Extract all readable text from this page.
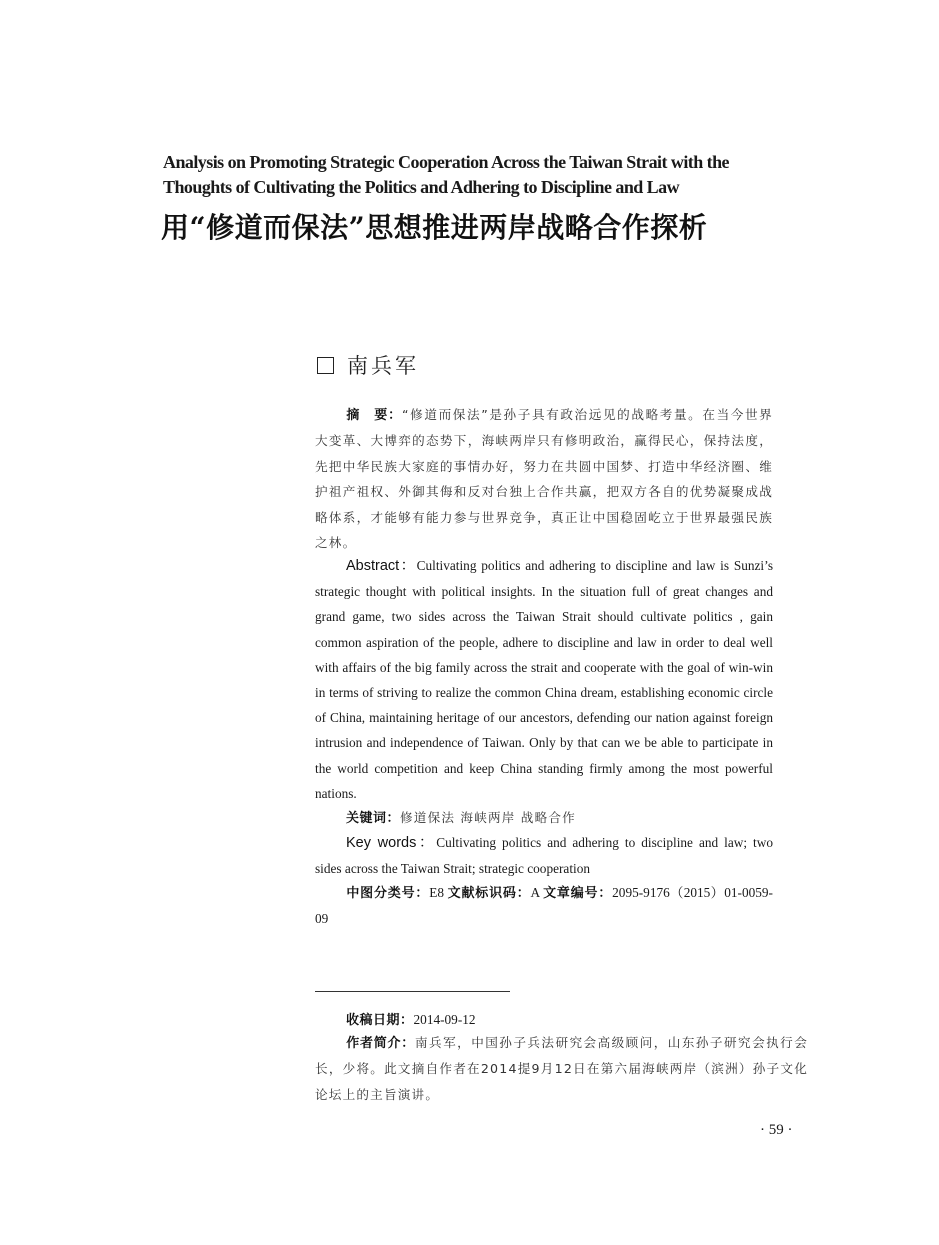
Analysis on Promoting Strategic Cooperation Across the Taiwan Strait with the
Thoughts of Cultivating the Politics and Adhering to Discipline and Law
用“修道而保法”思想推进两岸战略合作探析
南兵军

摘　要：“修道而保法”是孙子具有政治远见的战略考量。在当今世界大变革、大博弈的态势下，海峡两岸只有修明政治，赢得民心，保持法度，先把中华民族大家庭的事情办好，努力在共圆中国梦、打造中华经济圈、维护祖产祖权、外御其侮和反对台独上合作共赢，把双方各自的优势凝聚成战略体系，才能够有能力参与世界竞争，真正让中国稳固屹立于世界最强民族之林。

Abstract：Cultivating politics and adhering to discipline and law is Sunzi’s strategic thought with political insights. In the situation full of great changes and grand game, two sides across the Taiwan Strait should cultivate politics , gain common aspiration of the people, adhere to discipline and law in order to deal well with affairs of the big family across the strait and cooperate with the goal of win-win in terms of striving to realize the common China dream, establishing economic circle of China, maintaining heritage of our ancestors, defending our nation against foreign intrusion and independence of Taiwan. Only by that can we be able to participate in the world competition and keep China standing firmly among the most powerful nations.

关键词：修道保法 海峡两岸 战略合作

Key words：Cultivating politics and adhering to discipline and law; two sides across the Taiwan Strait; strategic cooperation

中图分类号：E8 文献标识码：A 文章编号：2095-9176（2015）01-0059-09

收稿日期：2014-09-12

作者简介：南兵军，中国孙子兵法研究会高级顾问，山东孙子研究会执行会长，少将。此文摘自作者在2014提9月12日在第六届海峡两岸（滨洲）孙子文化论坛上的主旨演讲。

· 59 ·
